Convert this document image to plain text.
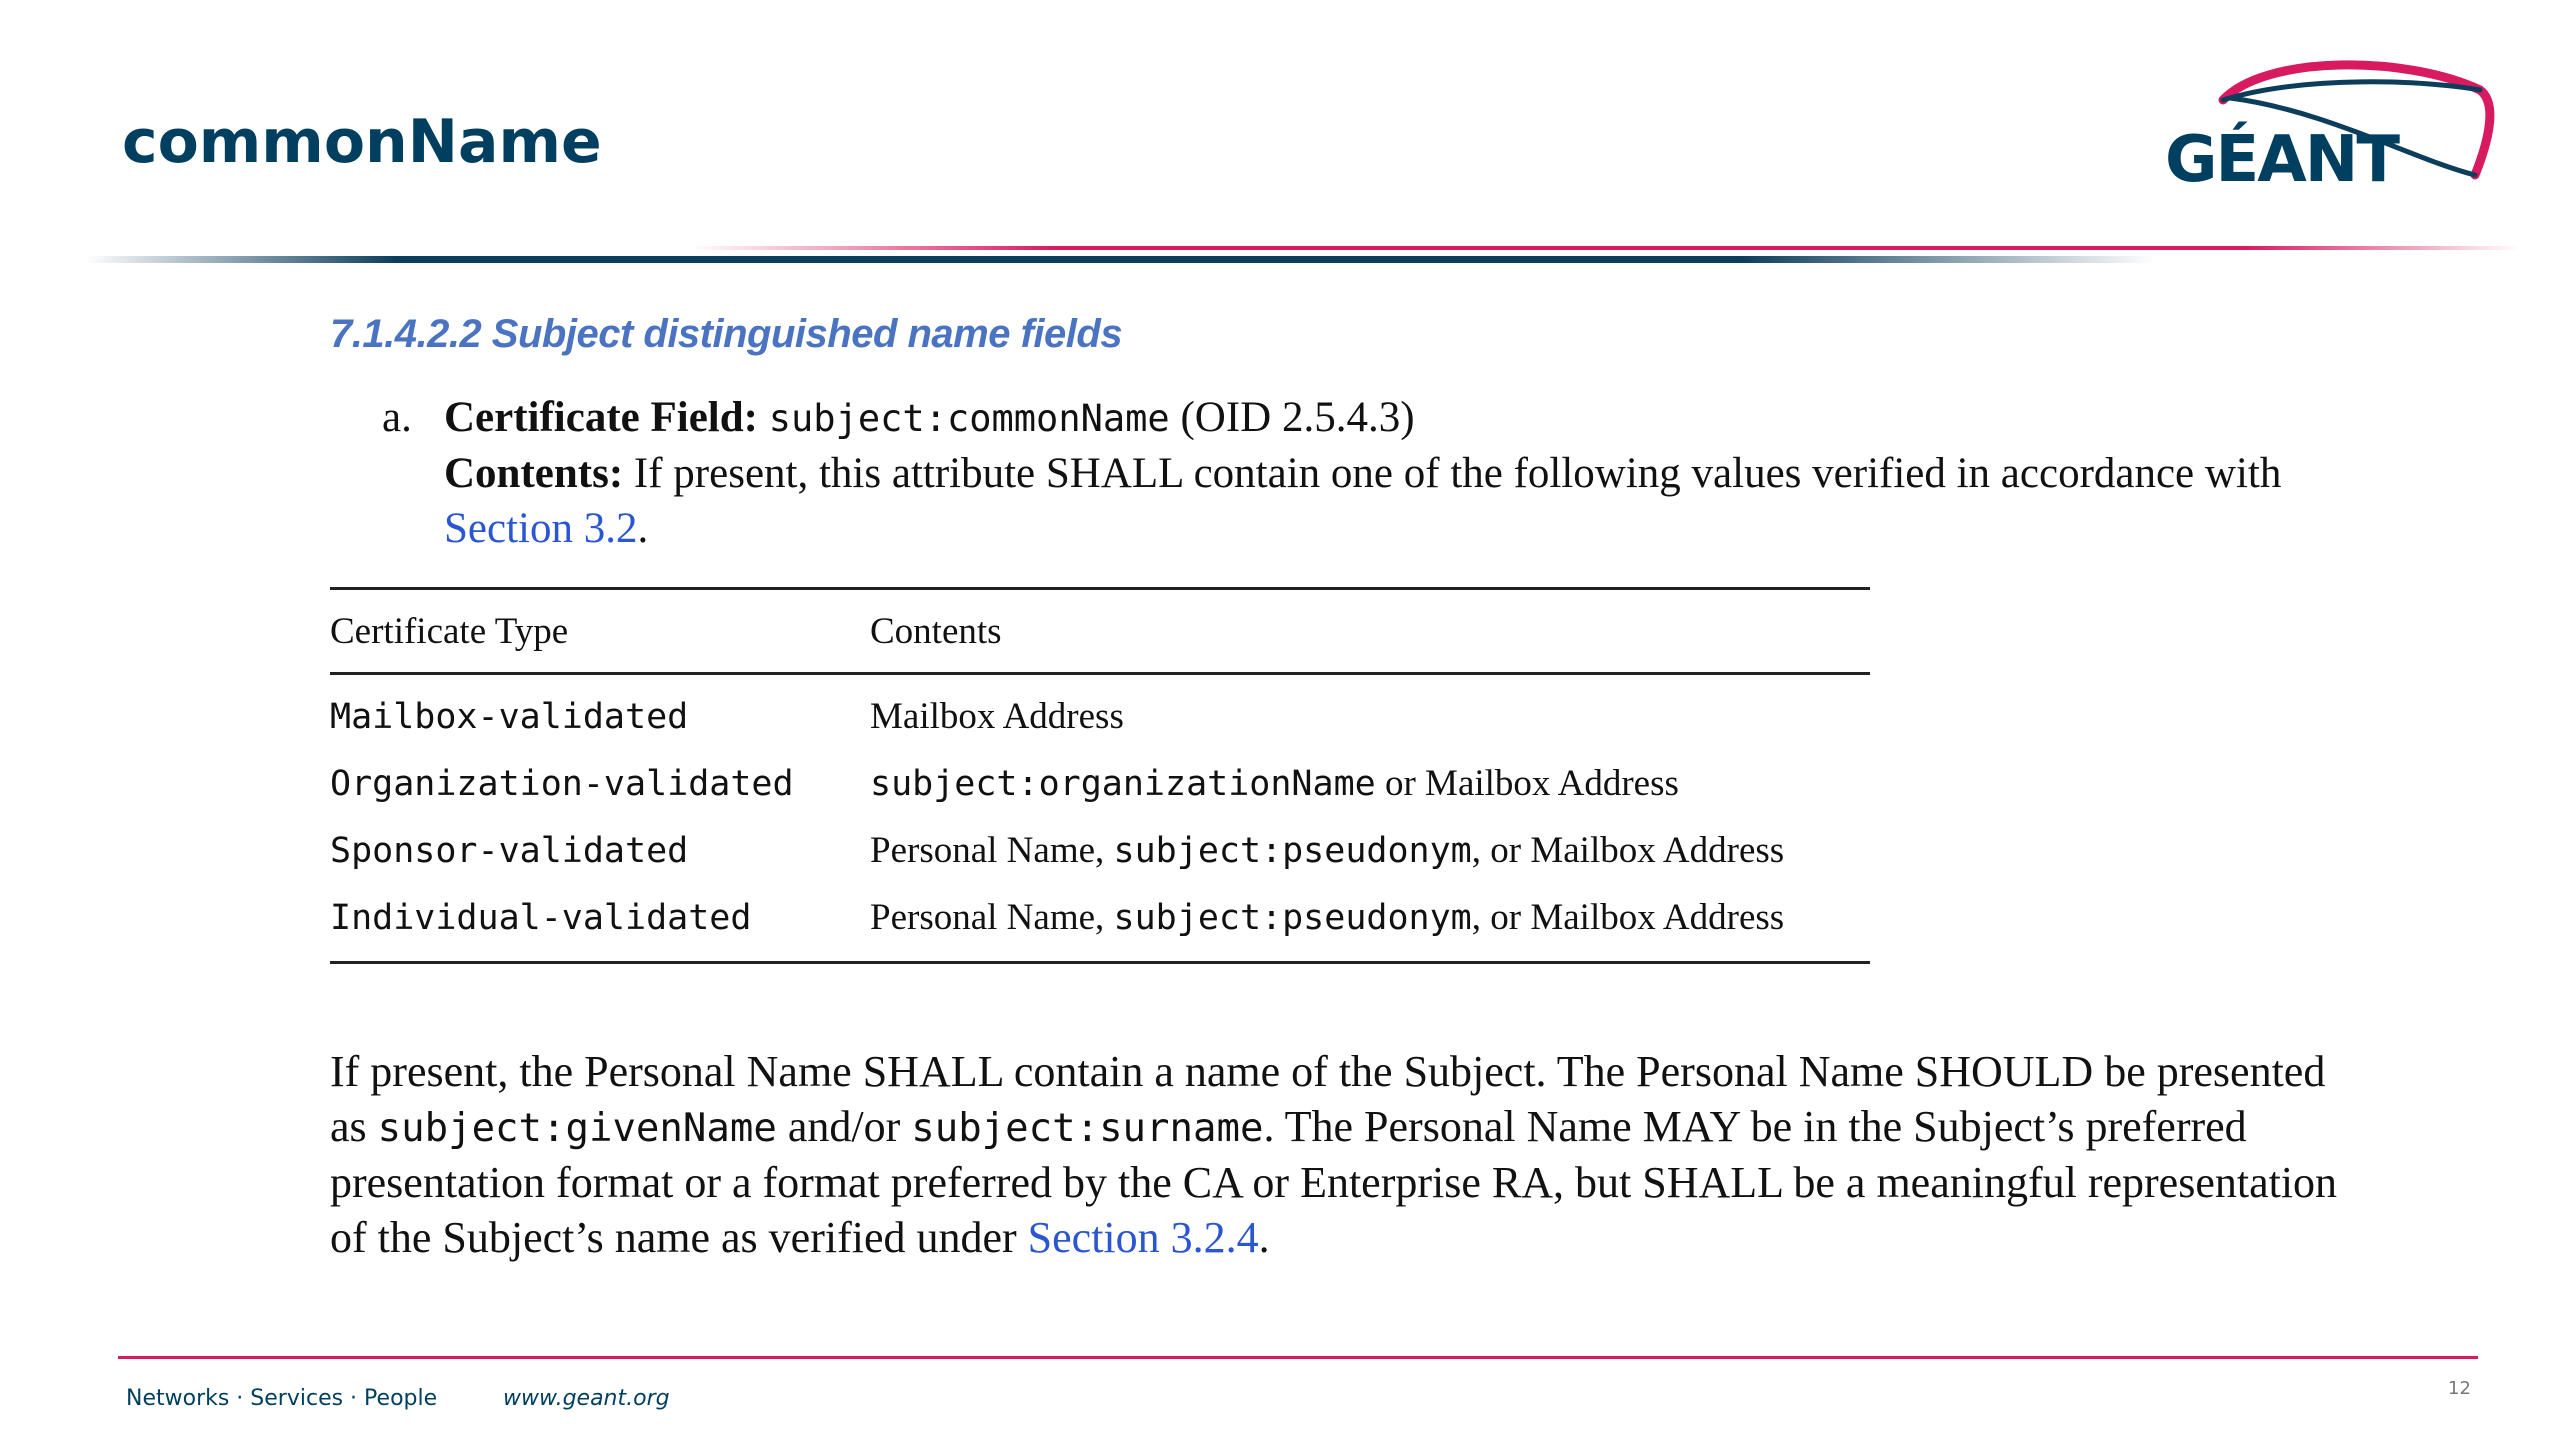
commonName	GÉANT
7.1.4.2.2 Subject distinguished name fields
a. Certificate Field: subject:commonName (OID 2.5.4.3)
Contents: If present, this attribute SHALL contain one of the following values verified in accordance with Section 3.2.
Certificate Type	Contents
Mailbox-validated	Mailbox Address
Organization-validated	subject:organizationName or Mailbox Address
Sponsor-validated	Personal Name, subject:pseudonym, or Mailbox Address
Individual-validated	Personal Name, subject:pseudonym, or Mailbox Address

If present, the Personal Name SHALL contain a name of the Subject. The Personal Name SHOULD be presented as subject:givenName and/or subject:surname. The Personal Name MAY be in the Subject’s preferred presentation format or a format preferred by the CA or Enterprise RA, but SHALL be a meaningful representation of the Subject’s name as verified under Section 3.2.4.

Networks · Services · People	www.geant.org	12
